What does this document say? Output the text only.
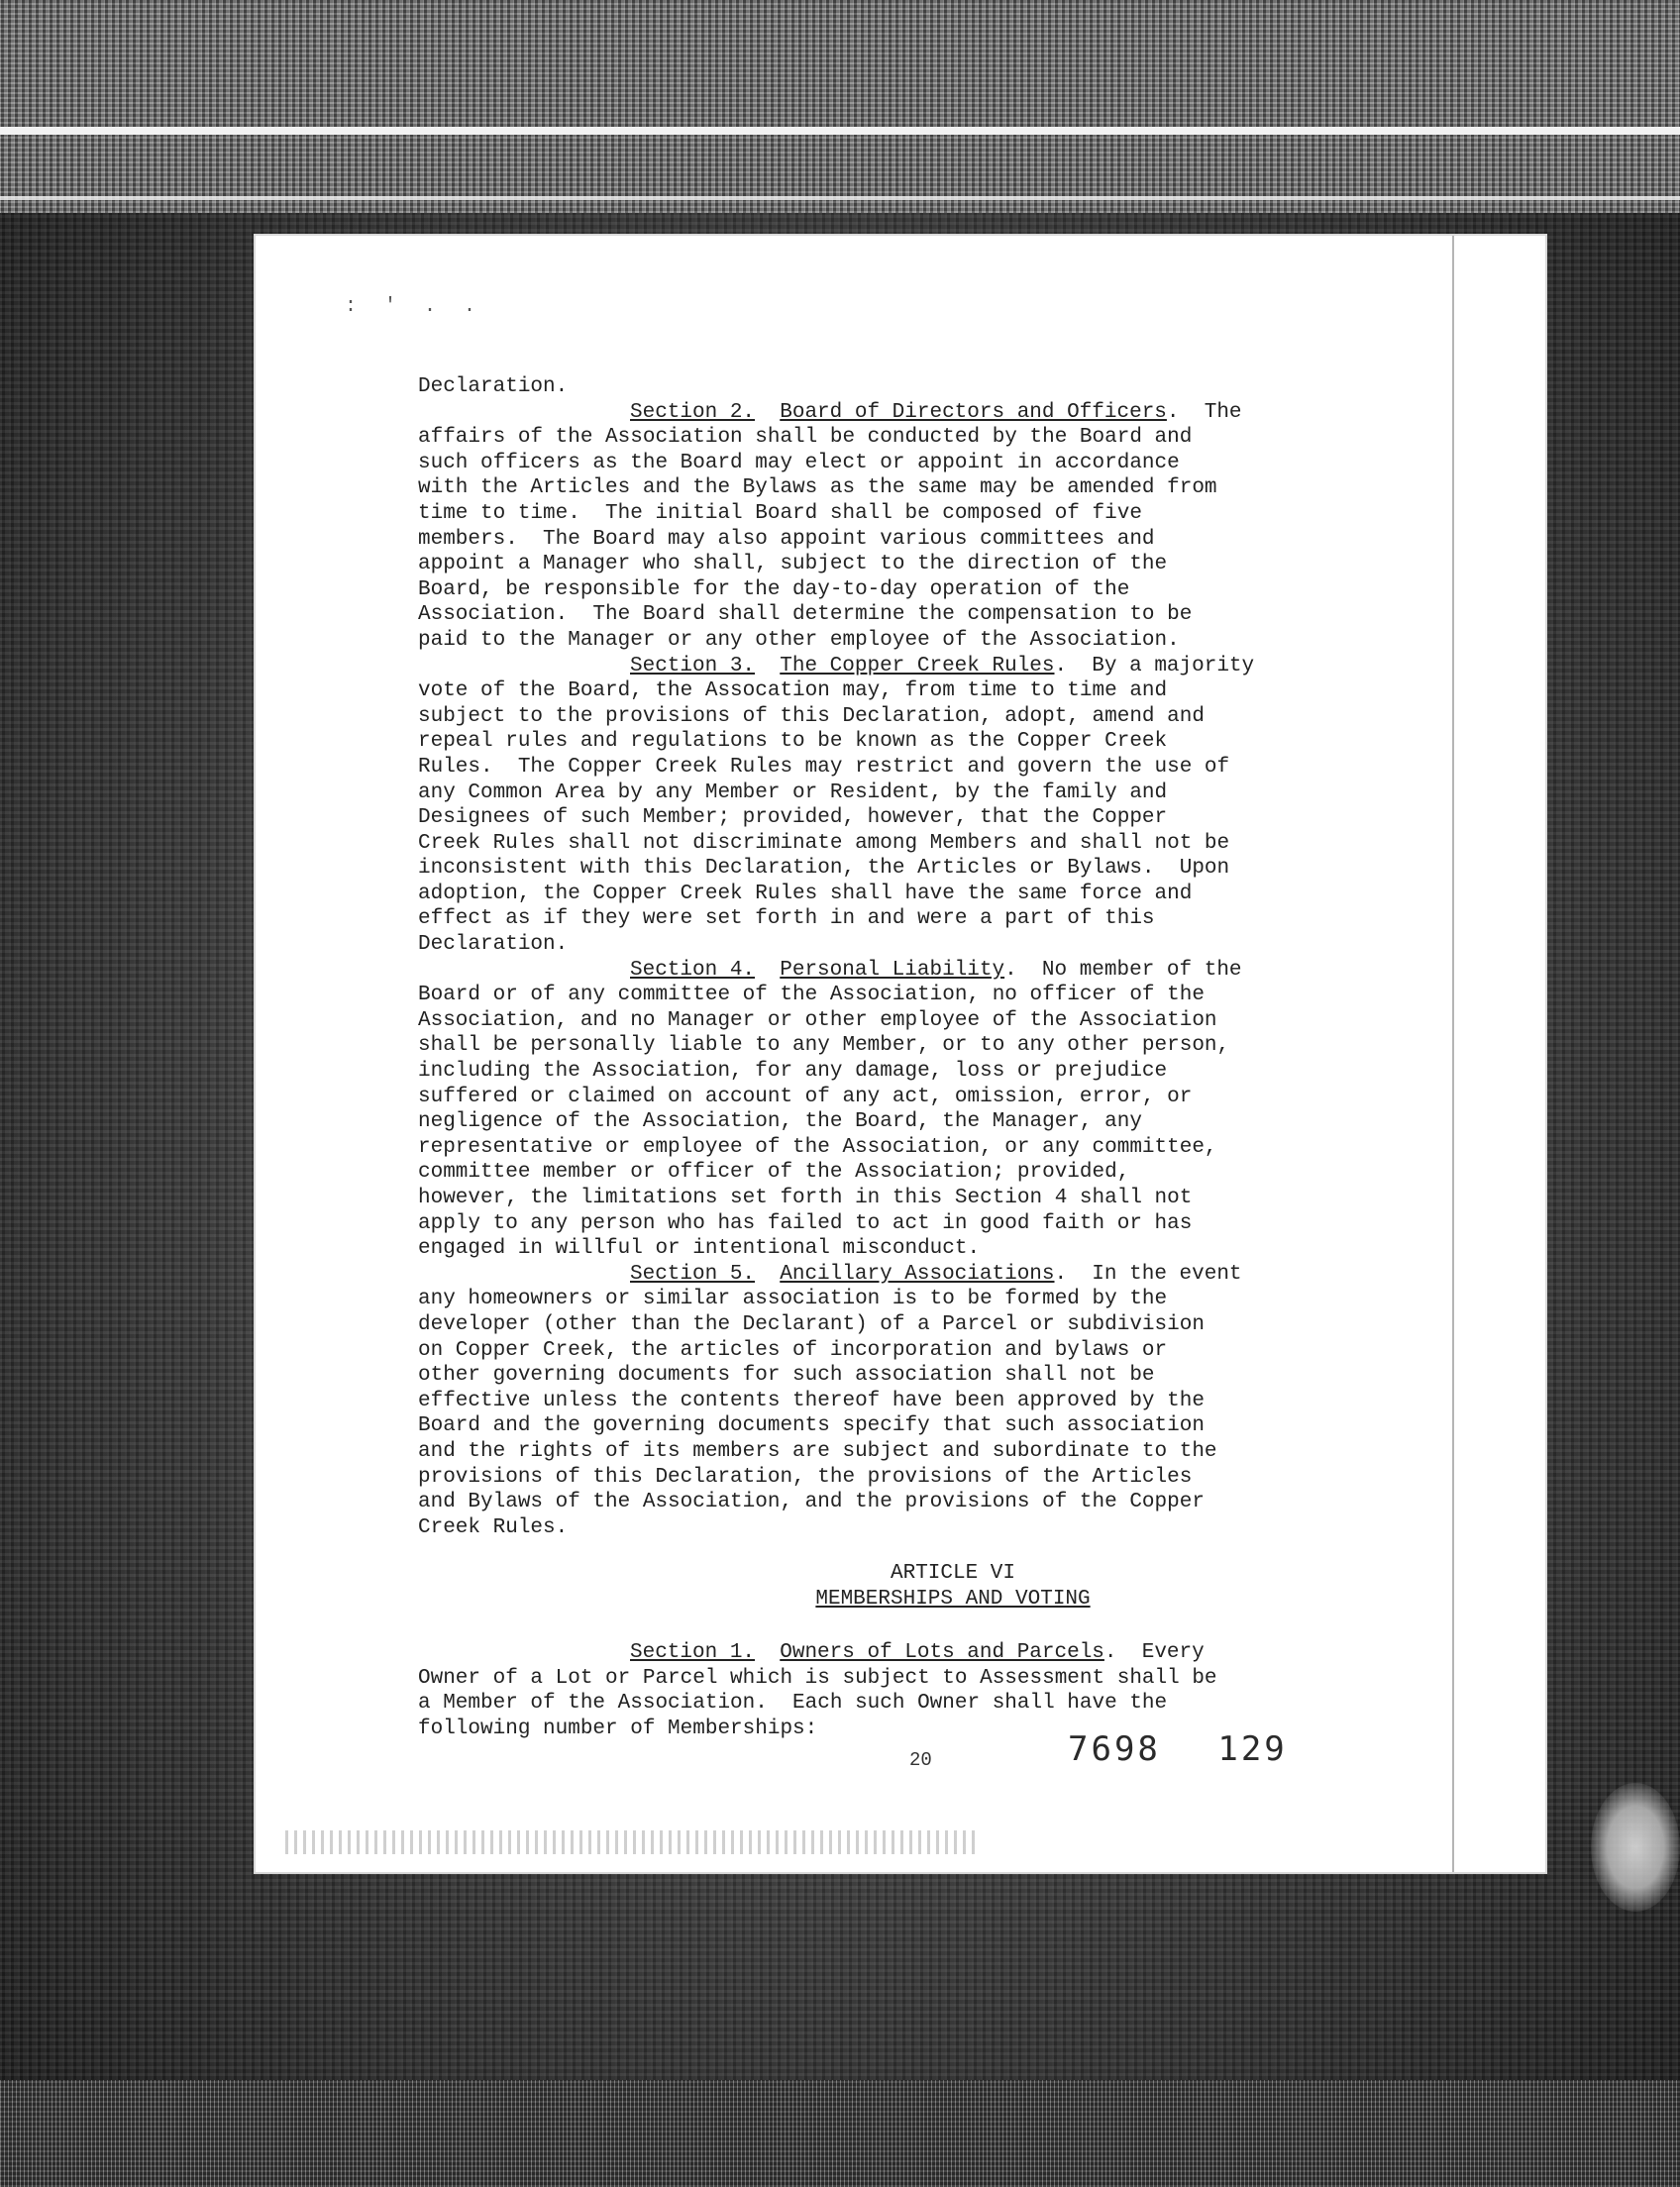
: ' . .
Declaration.
Section 2. Board of Directors and Officers.  The
affairs of the Association shall be conducted by the Board and
such officers as the Board may elect or appoint in accordance
with the Articles and the Bylaws as the same may be amended from
time to time.  The initial Board shall be composed of five
members.  The Board may also appoint various committees and
appoint a Manager who shall, subject to the direction of the
Board, be responsible for the day-to-day operation of the
Association.  The Board shall determine the compensation to be
paid to the Manager or any other employee of the Association.
Section 3. The Copper Creek Rules.  By a majority
vote of the Board, the Assocation may, from time to time and
subject to the provisions of this Declaration, adopt, amend and
repeal rules and regulations to be known as the Copper Creek
Rules.  The Copper Creek Rules may restrict and govern the use of
any Common Area by any Member or Resident, by the family and
Designees of such Member; provided, however, that the Copper
Creek Rules shall not discriminate among Members and shall not be
inconsistent with this Declaration, the Articles or Bylaws.  Upon
adoption, the Copper Creek Rules shall have the same force and
effect as if they were set forth in and were a part of this
Declaration.
Section 4. Personal Liability.  No member of the
Board or of any committee of the Association, no officer of the
Association, and no Manager or other employee of the Association
shall be personally liable to any Member, or to any other person,
including the Association, for any damage, loss or prejudice
suffered or claimed on account of any act, omission, error, or
negligence of the Association, the Board, the Manager, any
representative or employee of the Association, or any committee,
committee member or officer of the Association; provided,
however, the limitations set forth in this Section 4 shall not
apply to any person who has failed to act in good faith or has
engaged in willful or intentional misconduct.
Section 5. Ancillary Associations.  In the event
any homeowners or similar association is to be formed by the
developer (other than the Declarant) of a Parcel or subdivision
on Copper Creek, the articles of incorporation and bylaws or
other governing documents for such association shall not be
effective unless the contents thereof have been approved by the
Board and the governing documents specify that such association
and the rights of its members are subject and subordinate to the
provisions of this Declaration, the provisions of the Articles
and Bylaws of the Association, and the provisions of the Copper
Creek Rules.
ARTICLE VI
MEMBERSHIPS AND VOTING
Section 1. Owners of Lots and Parcels.  Every
Owner of a Lot or Parcel which is subject to Assessment shall be
a Member of the Association.  Each such Owner shall have the
following number of Memberships:
20	7698 129
